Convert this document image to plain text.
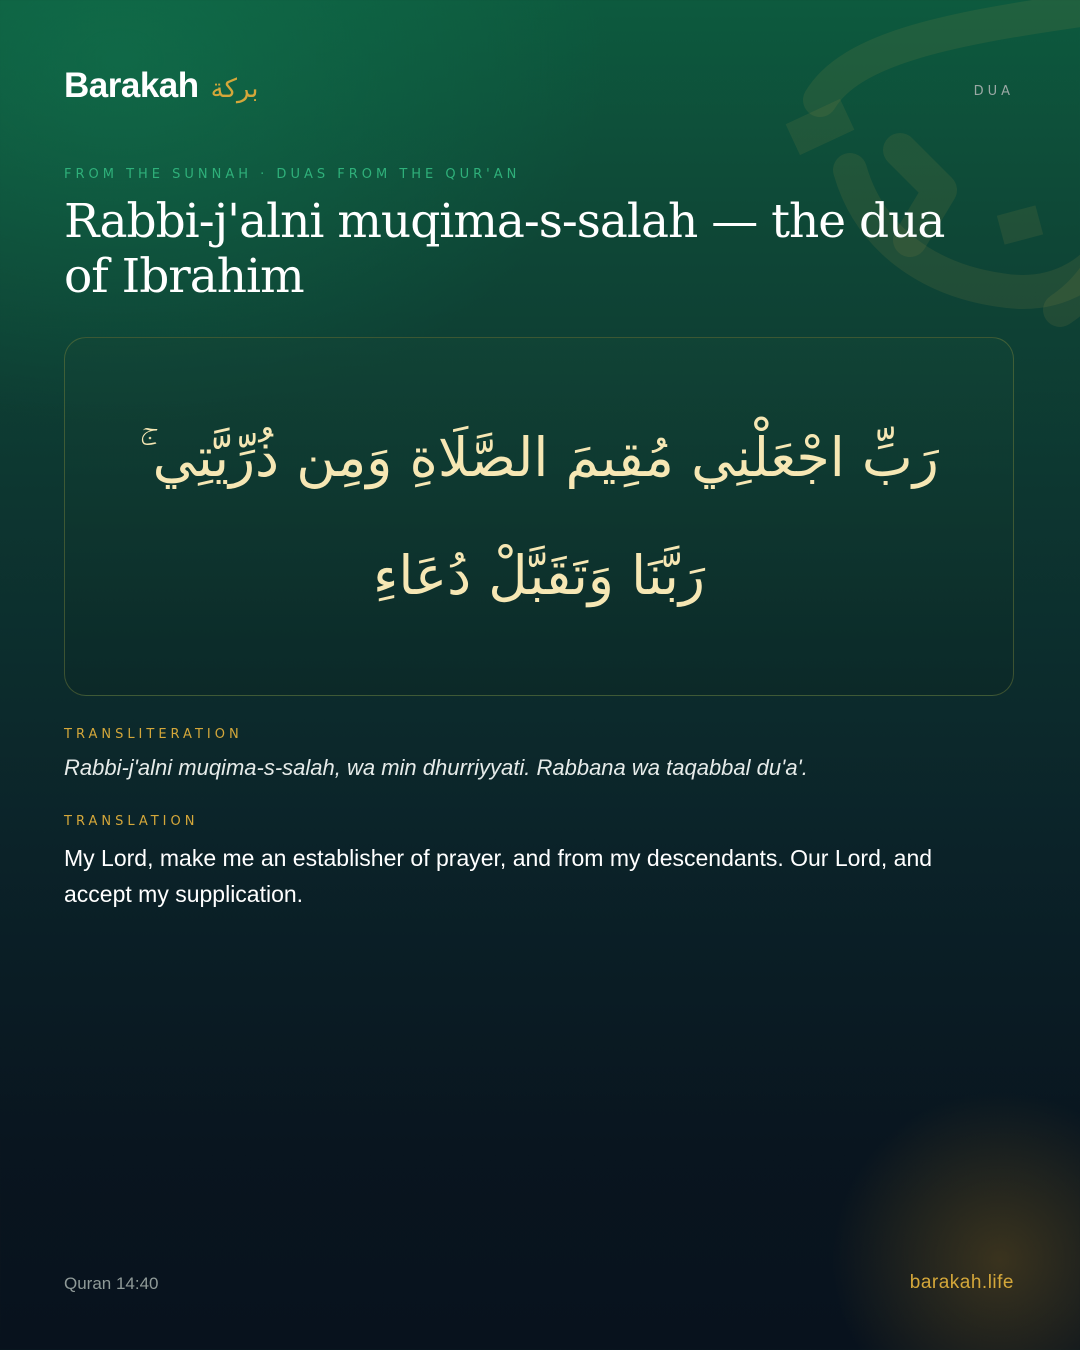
Barakah بركة	DUA
FROM THE SUNNAH · DUAS FROM THE QUR'AN
Rabbi-j'alni muqima-s-salah — the dua of Ibrahim
رَبِّ اجْعَلْنِي مُقِيمَ الصَّلَاةِ وَمِن ذُرِّيَّتِي ۚ رَبَّنَا وَتَقَبَّلْ دُعَاءِ
TRANSLITERATION
Rabbi-j'alni muqima-s-salah, wa min dhurriyyati. Rabbana wa taqabbal du'a'.
TRANSLATION
My Lord, make me an establisher of prayer, and from my descendants. Our Lord, and accept my supplication.
Quran 14:40	barakah.life
